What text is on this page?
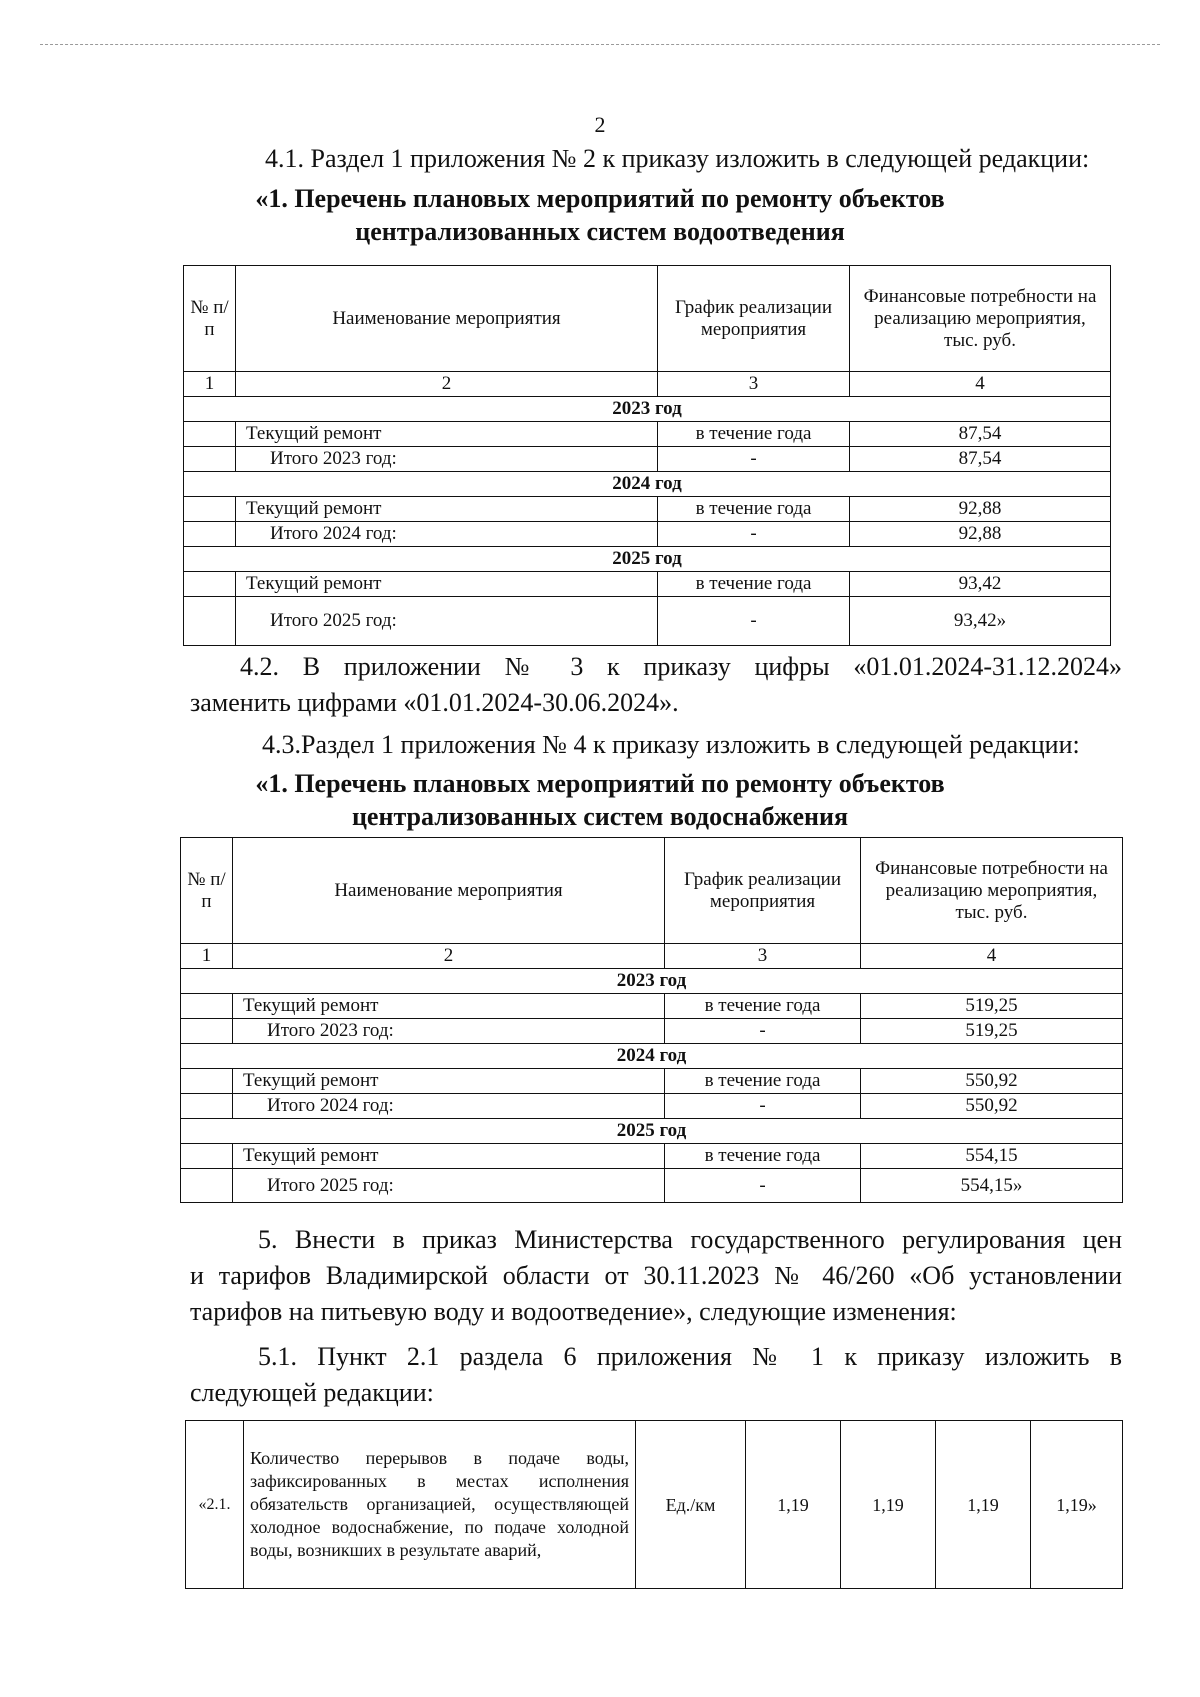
2
4.1. Раздел 1 приложения № 2 к приказу изложить в следующей редакции:
«1. Перечень плановых мероприятий по ремонту объектов
централизованных систем водоотведения
№ п/п	Наименование мероприятия	График реализации мероприятия	Финансовые потребности на реализацию мероприятия, тыс. руб.
1	2	3	4
2023 год			
	Текущий ремонт	в течение года	87,54
	Итого 2023 год:	-	87,54
2024 год			
	Текущий ремонт	в течение года	92,88
	Итого 2024 год:	-	92,88
2025 год			
	Текущий ремонт	в течение года	93,42
	Итого 2025 год:	-	93,42»
4.2. В приложении № 3 к приказу цифры «01.01.2024-31.12.2024»
заменить цифрами «01.01.2024-30.06.2024».
4.3.Раздел 1 приложения № 4 к приказу изложить в следующей редакции:
«1. Перечень плановых мероприятий по ремонту объектов
централизованных систем водоснабжения
№ п/п	Наименование мероприятия	График реализации мероприятия	Финансовые потребности на реализацию мероприятия, тыс. руб.
1	2	3	4
2023 год			
	Текущий ремонт	в течение года	519,25
	Итого 2023 год:	-	519,25
2024 год			
	Текущий ремонт	в течение года	550,92
	Итого 2024 год:	-	550,92
2025 год			
	Текущий ремонт	в течение года	554,15
	Итого 2025 год:	-	554,15»
5. Внести в приказ Министерства государственного регулирования цен
и тарифов Владимирской области от 30.11.2023 № 46/260 «Об установлении
тарифов на питьевую воду и водоотведение», следующие изменения:
5.1. Пункт 2.1 раздела 6 приложения № 1 к приказу изложить в
следующей редакции:
«2.1.	Количество перерывов в подаче воды, зафиксированных в местах исполнения обязательств организацией, осуществляющей холодное водоснабжение, по подаче холодной воды, возникших в результате аварий,	Ед./км	1,19	1,19	1,19	1,19»
